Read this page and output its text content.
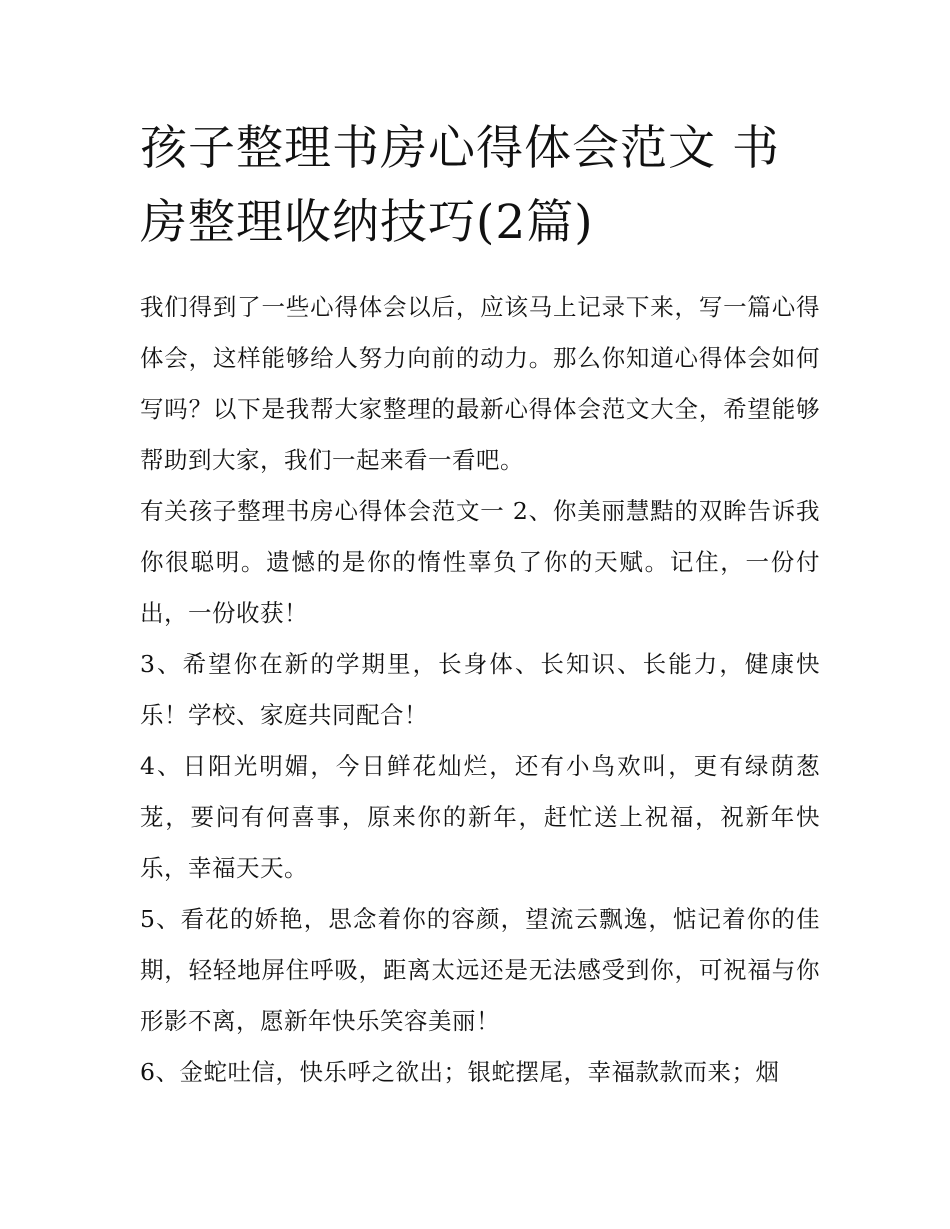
孩子整理书房心得体会范文 书房整理收纳技巧(2篇)

我们得到了一些心得体会以后，应该马上记录下来，写一篇心得体会，这样能够给人努力向前的动力。那么你知道心得体会如何写吗？以下是我帮大家整理的最新心得体会范文大全，希望能够帮助到大家，我们一起来看一看吧。

有关孩子整理书房心得体会范文一 2、你美丽慧黠的双眸告诉我你很聪明。遗憾的是你的惰性辜负了你的天赋。记住，一份付出，一份收获！

3、希望你在新的学期里，长身体、长知识、长能力，健康快乐！学校、家庭共同配合！

4、日阳光明媚，今日鲜花灿烂，还有小鸟欢叫，更有绿荫葱茏，要问有何喜事，原来你的新年，赶忙送上祝福，祝新年快乐，幸福天天。

5、看花的娇艳，思念着你的容颜，望流云飘逸，惦记着你的佳期，轻轻地屏住呼吸，距离太远还是无法感受到你，可祝福与你形影不离，愿新年快乐笑容美丽！

6、金蛇吐信，快乐呼之欲出；银蛇摆尾，幸福款款而来；烟
